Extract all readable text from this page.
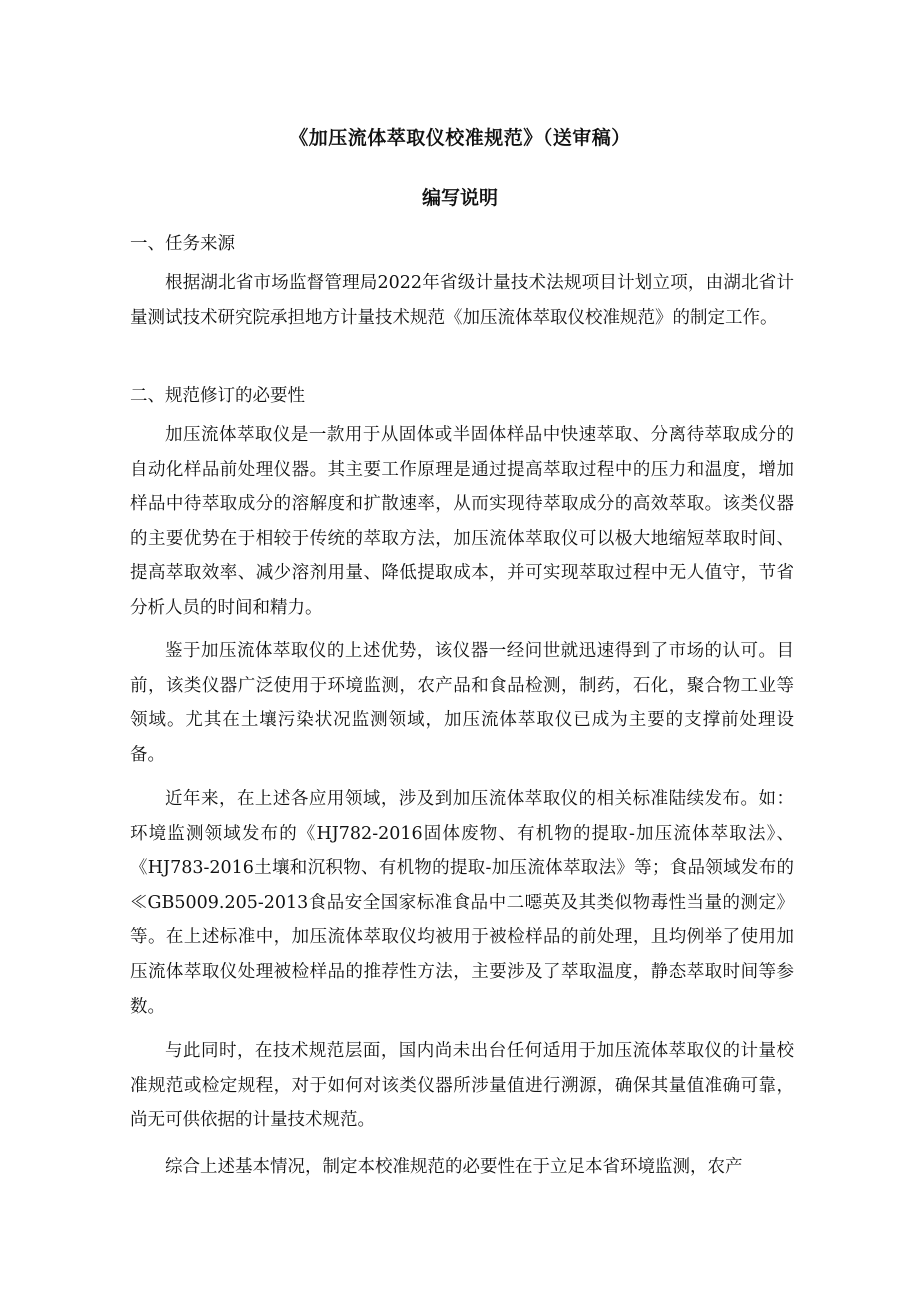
《加压流体萃取仪校准规范》（送审稿）
编写说明
一、任务来源
根据湖北省市场监督管理局2022年省级计量技术法规项目计划立项，由湖北省计量测试技术研究院承担地方计量技术规范《加压流体萃取仪校准规范》的制定工作。
二、规范修订的必要性
加压流体萃取仪是一款用于从固体或半固体样品中快速萃取、分离待萃取成分的自动化样品前处理仪器。其主要工作原理是通过提高萃取过程中的压力和温度，增加样品中待萃取成分的溶解度和扩散速率，从而实现待萃取成分的高效萃取。该类仪器的主要优势在于相较于传统的萃取方法，加压流体萃取仪可以极大地缩短萃取时间、提高萃取效率、减少溶剂用量、降低提取成本，并可实现萃取过程中无人值守，节省分析人员的时间和精力。
鉴于加压流体萃取仪的上述优势，该仪器一经问世就迅速得到了市场的认可。目前，该类仪器广泛使用于环境监测，农产品和食品检测，制药，石化，聚合物工业等领域。尤其在土壤污染状况监测领域，加压流体萃取仪已成为主要的支撑前处理设备。
近年来，在上述各应用领域，涉及到加压流体萃取仪的相关标准陆续发布。如：环境监测领域发布的《HJ782-2016固体废物、有机物的提取-加压流体萃取法》、《HJ783-2016土壤和沉积物、有机物的提取-加压流体萃取法》等；食品领域发布的≪GB5009.205-2013食品安全国家标准食品中二噁英及其类似物毒性当量的测定》等。在上述标准中，加压流体萃取仪均被用于被检样品的前处理，且均例举了使用加压流体萃取仪处理被检样品的推荐性方法，主要涉及了萃取温度，静态萃取时间等参数。
与此同时，在技术规范层面，国内尚未出台任何适用于加压流体萃取仪的计量校准规范或检定规程，对于如何对该类仪器所涉量值进行溯源，确保其量值准确可靠，尚无可供依据的计量技术规范。
综合上述基本情况，制定本校准规范的必要性在于立足本省环境监测，农产
